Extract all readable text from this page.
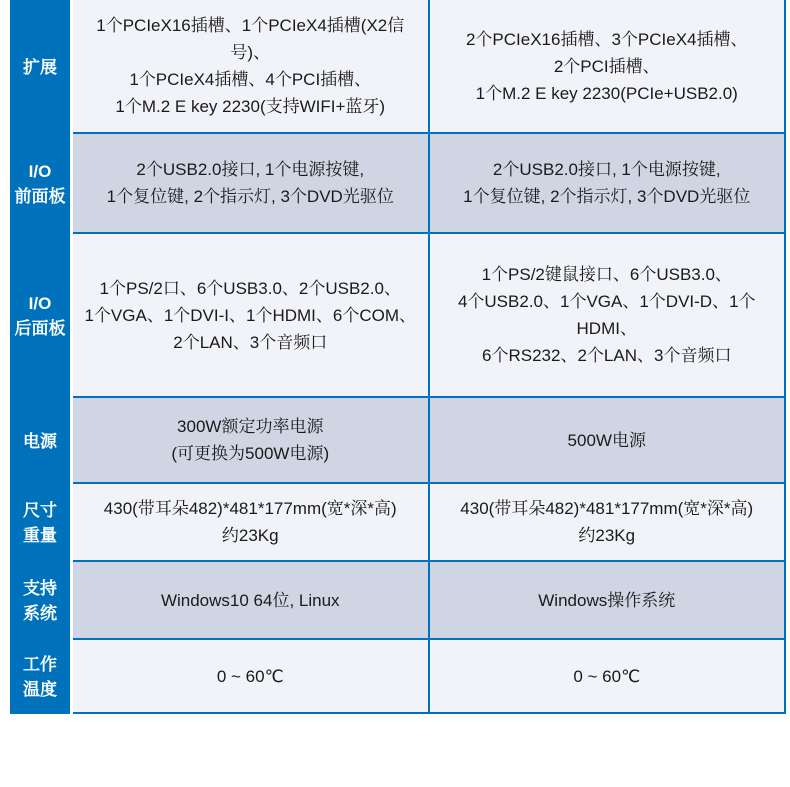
扩展
I/O
前面板
I/O
后面板
电源
尺寸
重量
支持
系统
工作
温度
1个PCIeX16插槽、1个PCIeX4插槽(X2信号)、
1个PCIeX4插槽、4个PCI插槽、
1个M.2 E key 2230(支持WIFI+蓝牙)
2个PCIeX16插槽、3个PCIeX4插槽、
2个PCI插槽、
1个M.2 E key 2230(PCIe+USB2.0)
2个USB2.0接口, 1个电源按键,
1个复位键, 2个指示灯, 3个DVD光驱位
2个USB2.0接口, 1个电源按键,
1个复位键, 2个指示灯, 3个DVD光驱位
1个PS/2口、6个USB3.0、2个USB2.0、
1个VGA、1个DVI-I、1个HDMI、6个COM、
2个LAN、3个音频口
1个PS/2键鼠接口、6个USB3.0、
4个USB2.0、1个VGA、1个DVI-D、1个HDMI、
6个RS232、2个LAN、3个音频口
300W额定功率电源
(可更换为500W电源)
500W电源
430(带耳朵482)*481*177mm(宽*深*高)
约23Kg
430(带耳朵482)*481*177mm(宽*深*高)
约23Kg
Windows10 64位, Linux	Windows操作系统
0 ~ 60℃	0 ~ 60℃
